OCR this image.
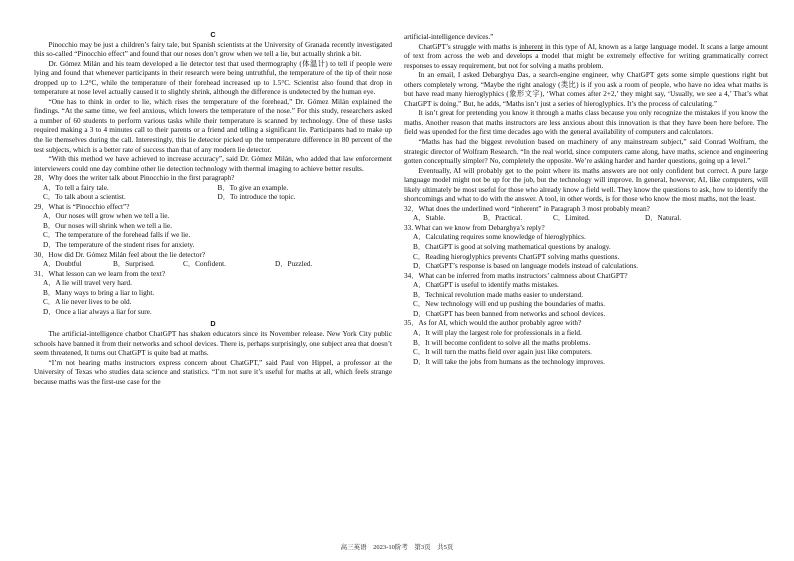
C

Pinocchio may be just a children’s fairy tale, but Spanish scientists at the University of Granada recently investigated this so-called “Pinocchio effect” and found that our noses don’t grow when we tell a lie, but actually shrink a bit.

Dr. Gómez Milán and his team developed a lie detector test that used thermography (体温计) to tell if people were lying and found that whenever participants in their research were being untruthful, the temperature of the tip of their nose dropped up to 1.2°C, while the temperature of their forehead increased up to 1.5°C. Scientist also found that drop in temperature at nose level actually caused it to slightly shrink, although the difference is undetected by the human eye.

“One has to think in order to lie, which rises the temperature of the forehead,” Dr. Gómez Milán explained the findings. “At the same time, we feel anxious, which lowers the temperature of the nose.” For this study, researchers asked a number of 60 students to perform various tasks while their temperature is scanned by technology. One of these tasks required making a 3 to 4 minutes call to their parents or a friend and telling a significant lie. Participants had to make up the lie themselves during the call. Interestingly, this lie detector picked up the temperature difference in 80 percent of the test subjects, which is a better rate of success than that of any modern lie detector.

“With this method we have achieved to increase accuracy”, said Dr. Gómez Milán, who added that law enforcement interviewers could one day combine other lie detection technology with thermal imaging to achieve better results.

28．Why does the writer talk about Pinocchio in the first paragraph?

A．To tell a fairy tale.	B．To give an example.
C．To talk about a scientist.	D．To introduce the topic.

29．What is “Pinocchio effect”?

A．Our noses will grow when we tell a lie.

B．Our noses will shrink when we tell a lie.

C．The temperature of the forehead falls if we lie.

D．The temperature of the student rises for anxiety.

30．How did Dr. Gómez Milán feel about the lie detector?

A．Doubtful	B．Surprised.	C．Confident.	D．Puzzled.

31．What lesson can we learn from the text?

A．A lie will travel very hard.

B．Many ways to bring a liar to light.

C．A lie never lives to be old.

D．Once a liar always a liar for sure.

D

The artificial-intelligence chatbot ChatGPT has shaken educators since its November release. New York City public schools have banned it from their networks and school devices. There is, perhaps surprisingly, one subject area that doesn’t seem threatened, It turns out ChatGPT is quite bad at maths.

“I’m not hearing maths instructors express concern about ChatGPT,” said Paul von Hippel, a professor at the University of Texas who studies data science and statistics. “I’m not sure it’s useful for maths at all, which feels strange because maths was the first-use case for the

artificial-intelligence devices.”

ChatGPT’s struggle with maths is inherent in this type of AI, known as a large language model. It scans a large amount of text from across the web and develops a model that might be extremely effective for writing grammatically correct responses to essay requirement, but not for solving a maths problem.

In an email, I asked Debarghya Das, a search-engine engineer, why ChatGPT gets some simple questions right but others completely wrong. “Maybe the right analogy (类比) is if you ask a room of people, who have no idea what maths is but have read many hieroglyphics (象形文字), ‘What comes after 2+2,’ they might say, ‘Usually, we see a 4,’ That’s what ChatGPT is doing.” But, he adds, “Maths isn’t just a series of hieroglyphics. It’s the process of calculating.”

It isn’t great for pretending you know it through a maths class because you only recognize the mistakes if you know the maths. Another reason that maths instructors are less anxious about this innovation is that they have been here before. The field was upended for the first time decades ago with the general availability of computers and calculators.

“Maths has had the biggest revolution based on machinery of any mainstream subject,” said Conrad Wolfram, the strategic director of Wolfram Research. “In the real world, since computers came along, have maths, science and engineering gotten conceptually simpler? No, completely the opposite. We’re asking harder and harder questions, going up a level.”

Eventually, AI will probably get to the point where its maths answers are not only confident but correct. A pure large language model might not be up for the job, but the technology will improve. In general, however, AI, like computers, will likely ultimately be most useful for those who already know a field well. They know the questions to ask, how to identify the shortcomings and what to do with the answer. A tool, in other words, is for those who know the most maths, not the least.

32．What does the underlined word “inherent” in Paragraph 3 most probably mean?

A．Stable.	B．Practical.	C．Limited.	D．Natural.

33. What can we know from Debarghya’s reply?

A．Calculating requires some knowledge of hieroglyphics.

B．ChatGPT is good at solving mathematical questions by analogy.

C．Reading hieroglyphics prevents ChatGPT solving maths questions.

D．ChatGPT’s response is based on language models instead of calculations.

34．What can be inferred from maths instructors’ calmness about ChatGPT?

A．ChatGPT is useful to identify maths mistakes.

B．Technical revolution made maths easier to understand.

C．New technology will end up pushing the boundaries of maths.

D．ChatGPT has been banned from networks and school devices.

35．As for AI, which would the author probably agree with?

A．It will play the largest role for professionals in a field.

B．It will become confident to solve all the maths problems.

C．It will turn the maths field over again just like computers.

D．It will take the jobs from humans as the technology improves.

高三英语　2023-10阶考　第3页　共5页
